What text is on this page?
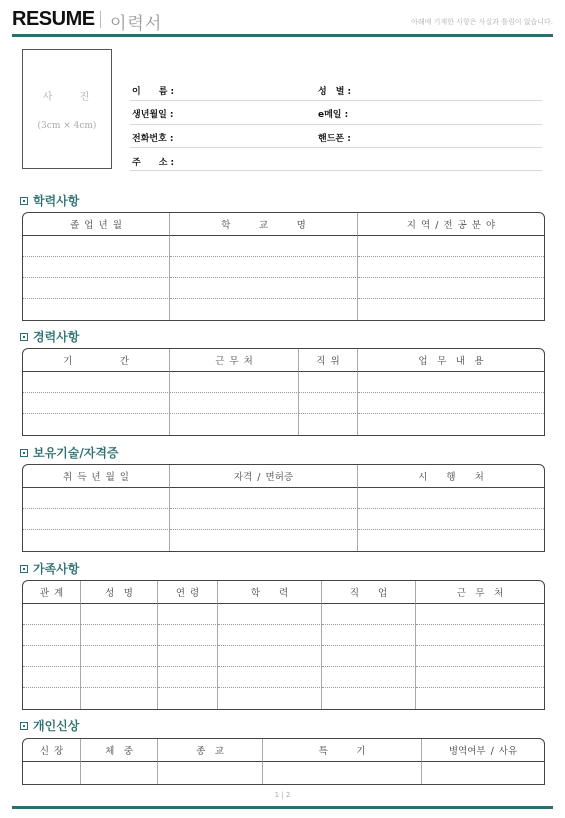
RESUME 이력서	아래에 기재한 사항은 사실과 틀림이 없습니다.
사 진
(3cm × 4cm)
이　　름 :	성　별 :
생년월일 :	e메일 :
전화번호 :	핸드폰 :
주　　소 :
학력사항
졸 업 년 월	학　　　교　　　명	지 역 / 전 공 분 야

경력사항
기　　　　　간	근 무 처	직 위	업　무　내　용

보유기술/자격증
취 득 년 월 일	자격 / 면허증	시　　행　　처

가족사항
관 계	성　명	연 령	학　　력	직　　업	근　무　처

개인신상
신 장	체　중	종　교	특　　　기	병역여부 / 사유

1 | 2
